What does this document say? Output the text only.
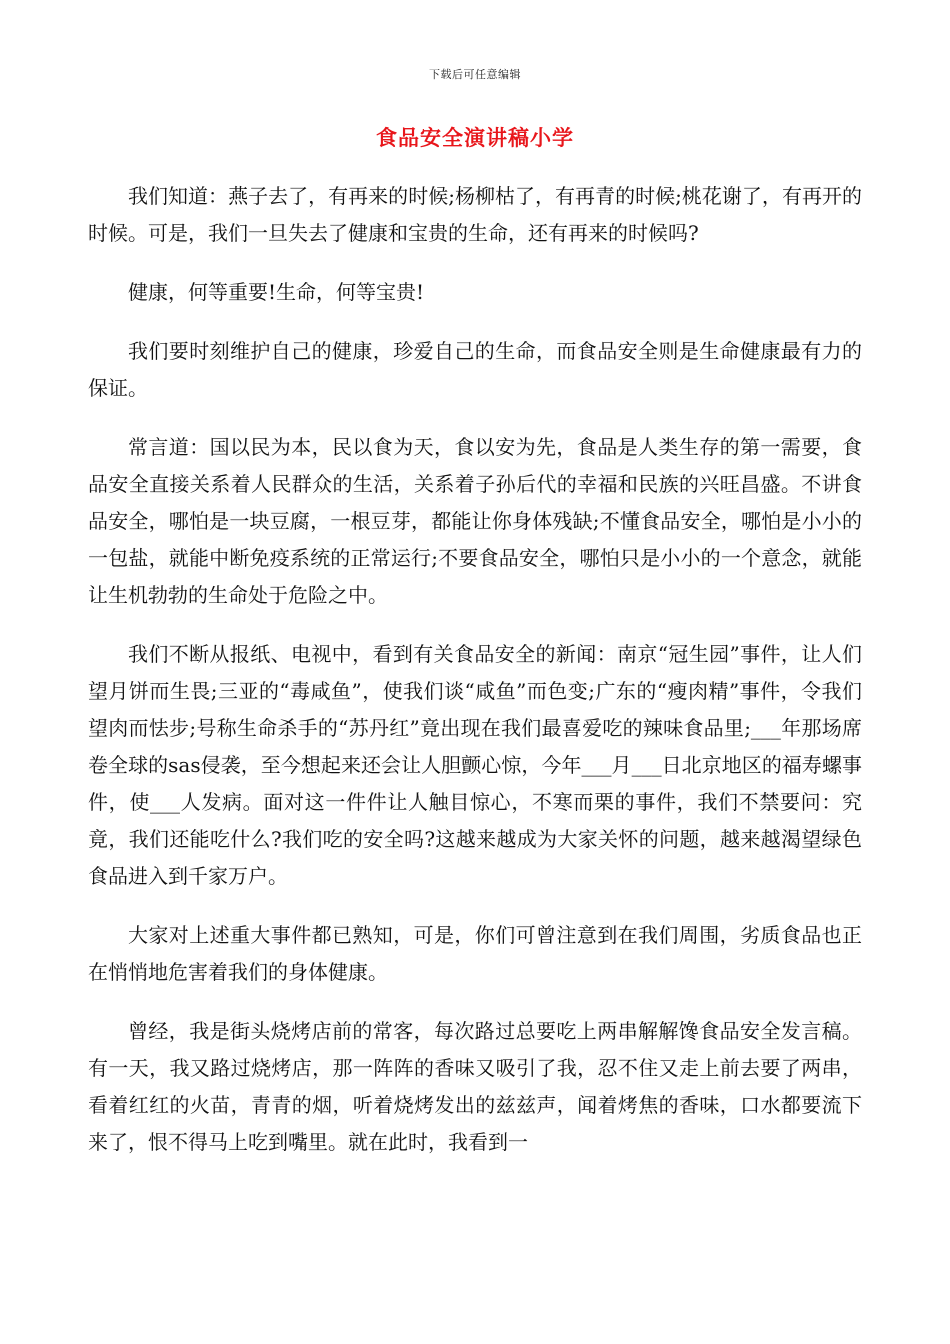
下载后可任意编辑
食品安全演讲稿小学

我们知道：燕子去了，有再来的时候;杨柳枯了，有再青的时候;桃花谢了，有再开的时候。可是，我们一旦失去了健康和宝贵的生命，还有再来的时候吗?

健康，何等重要!生命，何等宝贵!

我们要时刻维护自己的健康，珍爱自己的生命，而食品安全则是生命健康最有力的保证。

常言道：国以民为本，民以食为天，食以安为先，食品是人类生存的第一需要，食品安全直接关系着人民群众的生活，关系着子孙后代的幸福和民族的兴旺昌盛。不讲食品安全，哪怕是一块豆腐，一根豆芽，都能让你身体残缺;不懂食品安全，哪怕是小小的一包盐，就能中断免疫系统的正常运行;不要食品安全，哪怕只是小小的一个意念，就能让生机勃勃的生命处于危险之中。

我们不断从报纸、电视中，看到有关食品安全的新闻：南京“冠生园”事件，让人们望月饼而生畏;三亚的“毒咸鱼”，使我们谈“咸鱼”而色变;广东的“瘦肉精”事件，令我们望肉而怯步;号称生命杀手的“苏丹红”竟出现在我们最喜爱吃的辣味食品里;___年那场席卷全球的sas侵袭，至今想起来还会让人胆颤心惊，今年___月___日北京地区的福寿螺事件，使___人发病。面对这一件件让人触目惊心，不寒而栗的事件，我们不禁要问：究竟，我们还能吃什么?我们吃的安全吗?这越来越成为大家关怀的问题，越来越渴望绿色食品进入到千家万户。

大家对上述重大事件都已熟知，可是，你们可曾注意到在我们周围，劣质食品也正在悄悄地危害着我们的身体健康。

曾经，我是街头烧烤店前的常客，每次路过总要吃上两串解解馋食品安全发言稿。有一天，我又路过烧烤店，那一阵阵的香味又吸引了我，忍不住又走上前去要了两串，看着红红的火苗，青青的烟，听着烧烤发出的兹兹声，闻着烤焦的香味，口水都要流下来了，恨不得马上吃到嘴里。就在此时，我看到一
